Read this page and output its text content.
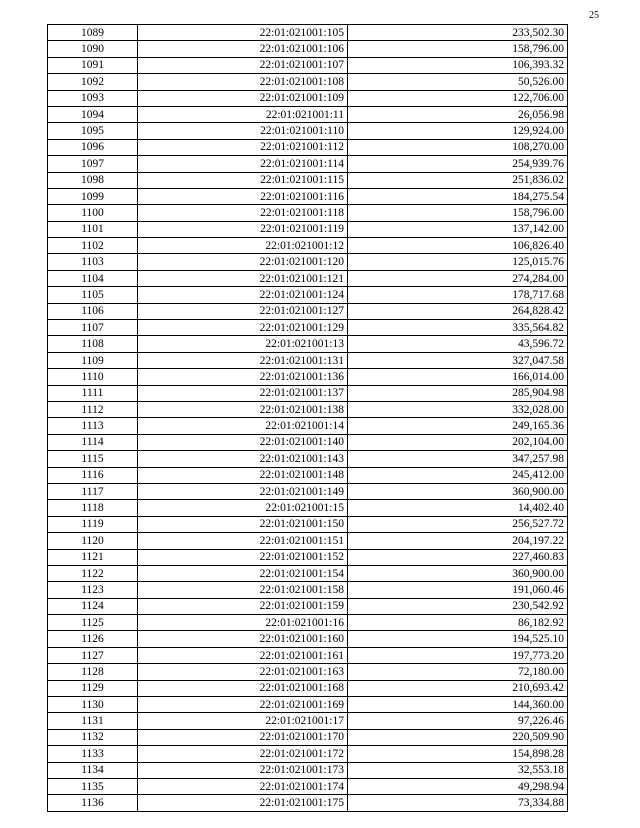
25
1089	22:01:021001:105	233,502.30
1090	22:01:021001:106	158,796.00
1091	22:01:021001:107	106,393.32
1092	22:01:021001:108	50,526.00
1093	22:01:021001:109	122,706.00
1094	22:01:021001:11	26,056.98
1095	22:01:021001:110	129,924.00
1096	22:01:021001:112	108,270.00
1097	22:01:021001:114	254,939.76
1098	22:01:021001:115	251,836.02
1099	22:01:021001:116	184,275.54
1100	22:01:021001:118	158,796.00
1101	22:01:021001:119	137,142.00
1102	22:01:021001:12	106,826.40
1103	22:01:021001:120	125,015.76
1104	22:01:021001:121	274,284.00
1105	22:01:021001:124	178,717.68
1106	22:01:021001:127	264,828.42
1107	22:01:021001:129	335,564.82
1108	22:01:021001:13	43,596.72
1109	22:01:021001:131	327,047.58
1110	22:01:021001:136	166,014.00
1111	22:01:021001:137	285,904.98
1112	22:01:021001:138	332,028.00
1113	22:01:021001:14	249,165.36
1114	22:01:021001:140	202,104.00
1115	22:01:021001:143	347,257.98
1116	22:01:021001:148	245,412.00
1117	22:01:021001:149	360,900.00
1118	22:01:021001:15	14,402.40
1119	22:01:021001:150	256,527.72
1120	22:01:021001:151	204,197.22
1121	22:01:021001:152	227,460.83
1122	22:01:021001:154	360,900.00
1123	22:01:021001:158	191,060.46
1124	22:01:021001:159	230,542.92
1125	22:01:021001:16	86,182.92
1126	22:01:021001:160	194,525.10
1127	22:01:021001:161	197,773.20
1128	22:01:021001:163	72,180.00
1129	22:01:021001:168	210,693.42
1130	22:01:021001:169	144,360.00
1131	22:01:021001:17	97,226.46
1132	22:01:021001:170	220,509.90
1133	22:01:021001:172	154,898.28
1134	22:01:021001:173	32,553.18
1135	22:01:021001:174	49,298.94
1136	22:01:021001:175	73,334.88
